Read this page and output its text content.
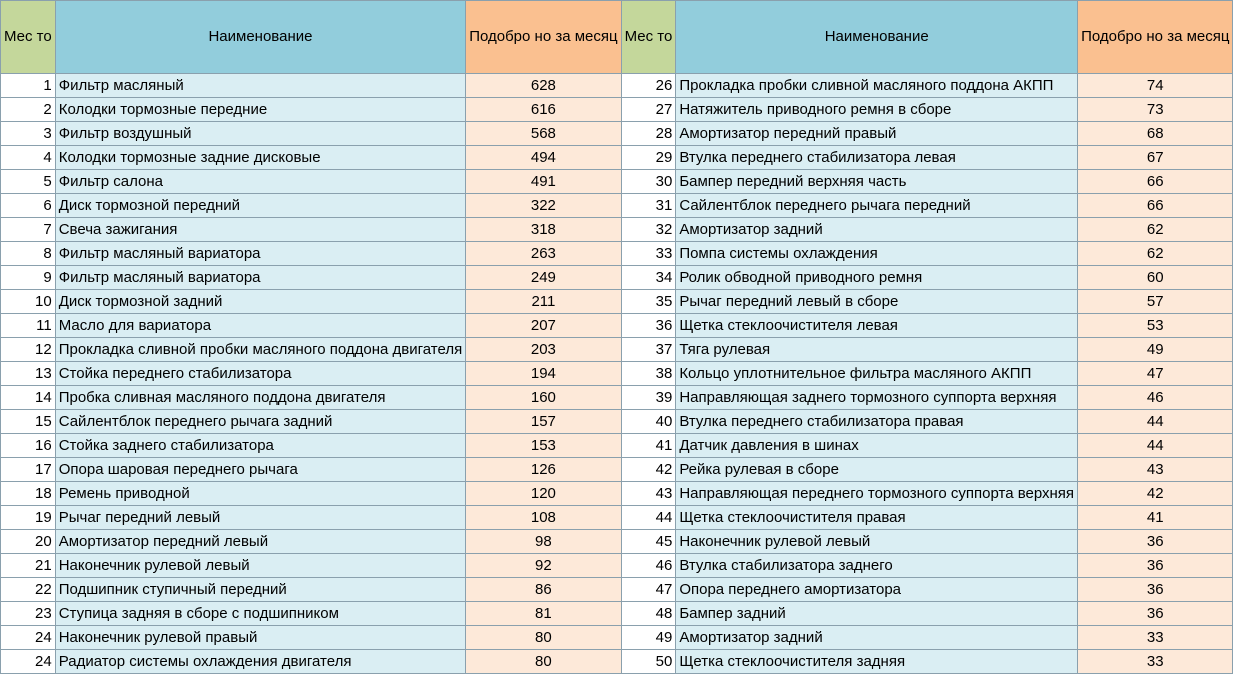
Мес то	Наименование	Подобро но за месяц	Мес то	Наименование	Подобро но за месяц
1	Фильтр масляный	628	26	Прокладка пробки сливной масляного поддона АКПП	74
2	Колодки тормозные передние	616	27	Натяжитель приводного ремня в сборе	73
3	Фильтр воздушный	568	28	Амортизатор передний правый	68
4	Колодки тормозные задние дисковые	494	29	Втулка переднего стабилизатора левая	67
5	Фильтр салона	491	30	Бампер передний верхняя часть	66
6	Диск тормозной передний	322	31	Сайлентблок переднего рычага передний	66
7	Свеча зажигания	318	32	Амортизатор задний	62
8	Фильтр масляный вариатора	263	33	Помпа системы охлаждения	62
9	Фильтр масляный вариатора	249	34	Ролик обводной приводного ремня	60
10	Диск тормозной задний	211	35	Рычаг передний левый в сборе	57
11	Масло для вариатора	207	36	Щетка стеклоочистителя левая	53
12	Прокладка сливной пробки масляного поддона двигателя	203	37	Тяга рулевая	49
13	Стойка переднего стабилизатора	194	38	Кольцо уплотнительное фильтра масляного АКПП	47
14	Пробка сливная масляного поддона двигателя	160	39	Направляющая заднего тормозного суппорта верхняя	46
15	Сайлентблок переднего рычага задний	157	40	Втулка переднего стабилизатора правая	44
16	Стойка заднего стабилизатора	153	41	Датчик давления в шинах	44
17	Опора шаровая переднего рычага	126	42	Рейка рулевая в сборе	43
18	Ремень приводной	120	43	Направляющая переднего тормозного суппорта верхняя	42
19	Рычаг передний левый	108	44	Щетка стеклоочистителя правая	41
20	Амортизатор передний левый	98	45	Наконечник рулевой левый	36
21	Наконечник рулевой левый	92	46	Втулка стабилизатора заднего	36
22	Подшипник ступичный передний	86	47	Опора переднего амортизатора	36
23	Ступица задняя в сборе с подшипником	81	48	Бампер задний	36
24	Наконечник рулевой правый	80	49	Амортизатор задний	33
24	Радиатор системы охлаждения двигателя	80	50	Щетка стеклоочистителя задняя	33
